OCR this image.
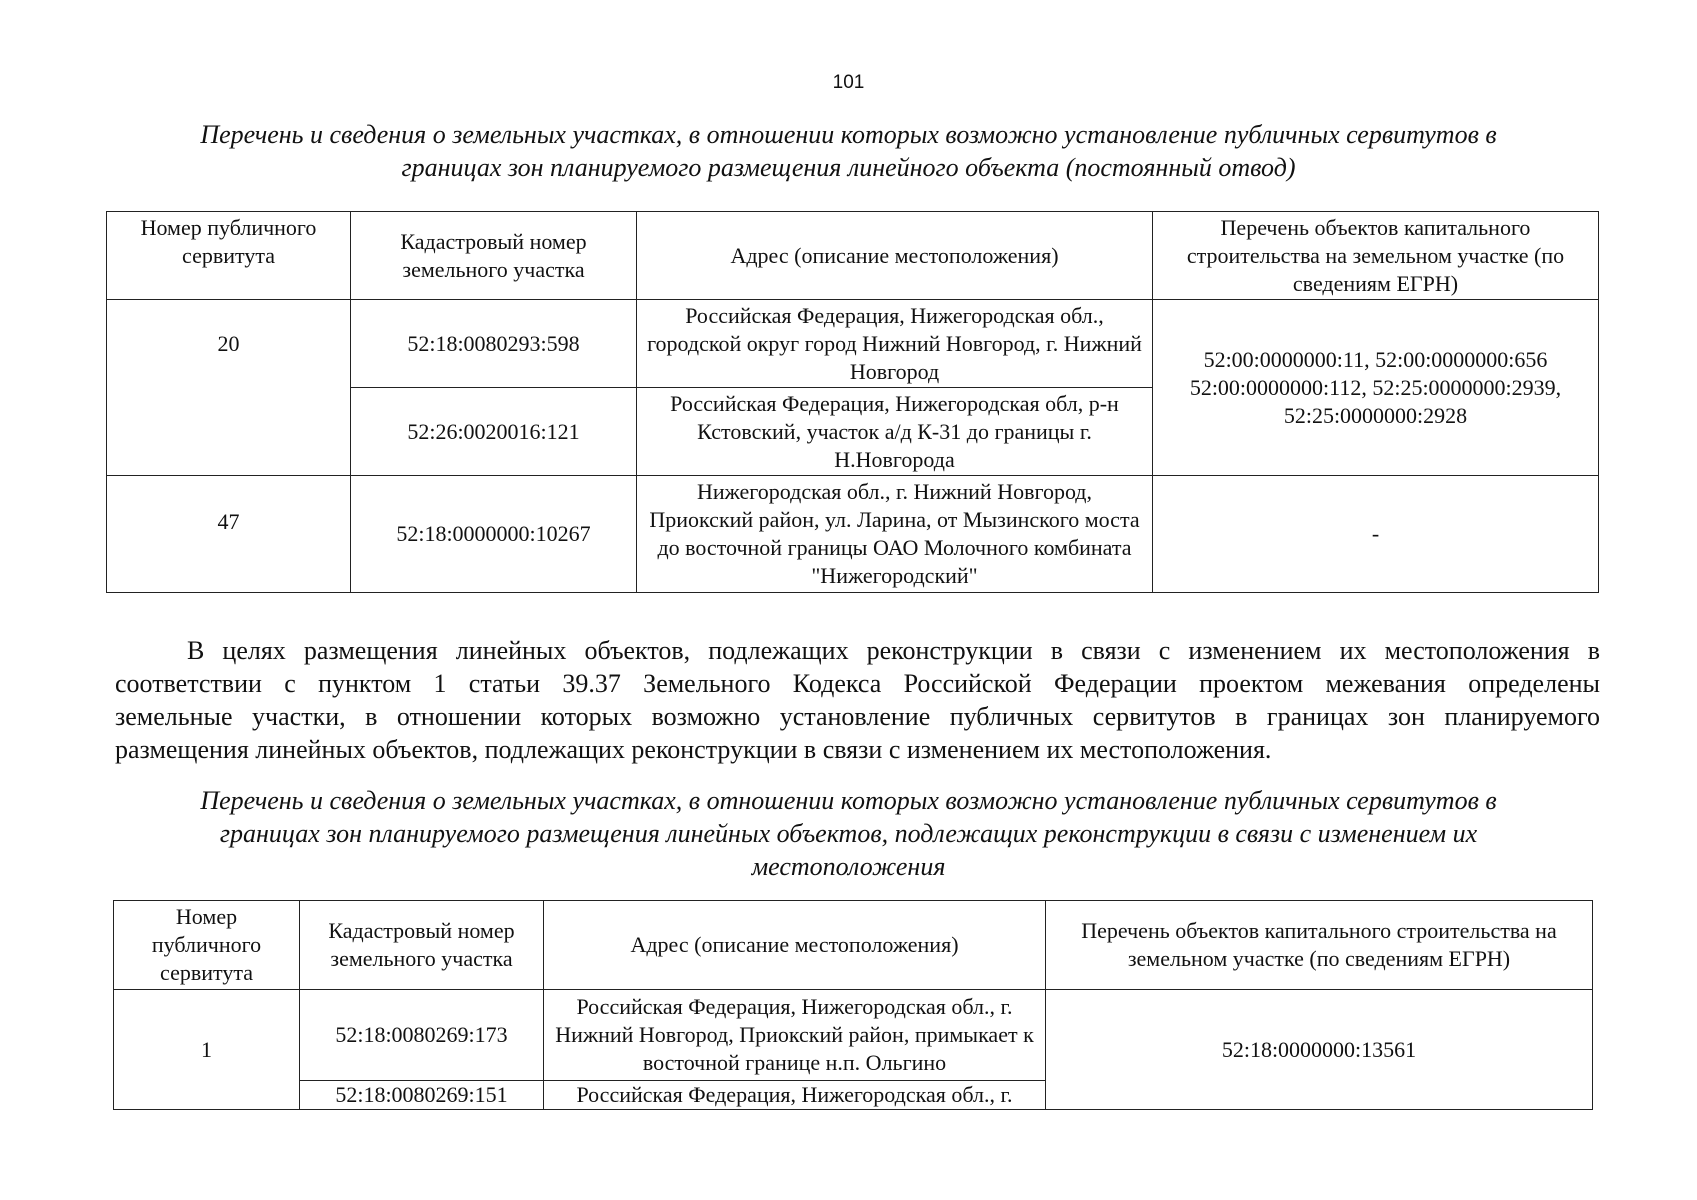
101
Перечень и сведения о земельных участках, в отношении которых возможно установление публичных сервитутов в
границах зон планируемого размещения линейного объекта (постоянный отвод)
Номер публичного сервитута	Кадастровый номер земельного участка	Адрес (описание местоположения)	Перечень объектов капитального строительства на земельном участке (по сведениям ЕГРН)
20	52:18:0080293:598	Российская Федерация, Нижегородская обл., городской округ город Нижний Новгород, г. Нижний Новгород	52:00:0000000:11, 52:00:0000000:656 52:00:0000000:112, 52:25:0000000:2939, 52:25:0000000:2928
	52:26:0020016:121	Российская Федерация, Нижегородская обл, р-н Кстовский, участок а/д К-31 до границы г. Н.Новгорода	
47	52:18:0000000:10267	Нижегородская обл., г. Нижний Новгород, Приокский район, ул. Ларина, от Мызинского моста до восточной границы ОАО Молочного комбината "Нижегородский"	-
В целях размещения линейных объектов, подлежащих реконструкции в связи с изменением их местоположения в
соответствии с пунктом 1 статьи 39.37 Земельного Кодекса Российской Федерации проектом межевания определены
земельные участки, в отношении которых возможно установление публичных сервитутов в границах зон планируемого
размещения линейных объектов, подлежащих реконструкции в связи с изменением их местоположения.
Перечень и сведения о земельных участках, в отношении которых возможно установление публичных сервитутов в
границах зон планируемого размещения линейных объектов, подлежащих реконструкции в связи с изменением их
местоположения
Номер публичного сервитута	Кадастровый номер земельного участка	Адрес (описание местоположения)	Перечень объектов капитального строительства на земельном участке (по сведениям ЕГРН)
1	52:18:0080269:173	Российская Федерация, Нижегородская обл., г. Нижний Новгород, Приокский район, примыкает к восточной границе н.п. Ольгино	52:18:0000000:13561
	52:18:0080269:151	Российская Федерация, Нижегородская обл., г.	
